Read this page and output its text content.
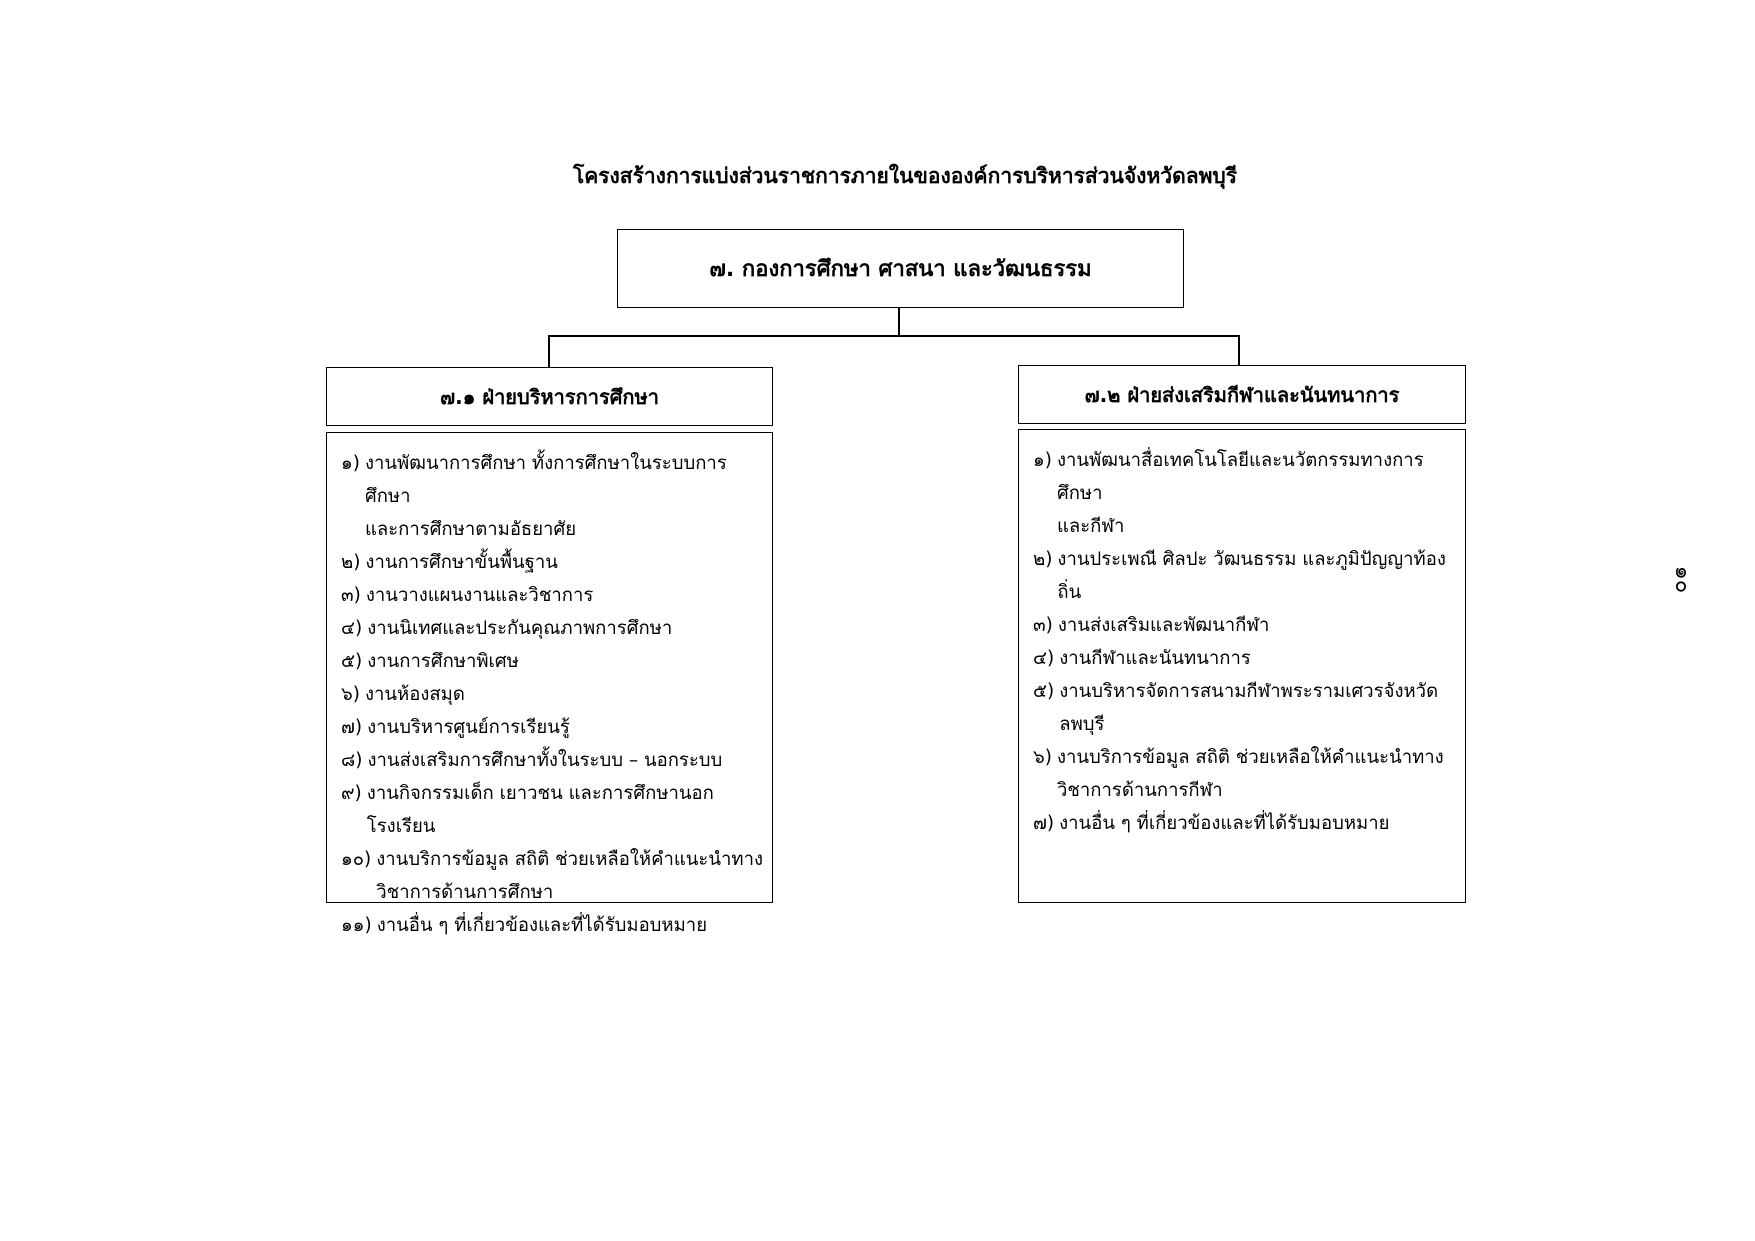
โครงสร้างการแบ่งส่วนราชการภายในขององค์การบริหารส่วนจังหวัดลพบุรี
๗. กองการศึกษา ศาสนา และวัฒนธรรม
๗.๑ ฝ่ายบริหารการศึกษา	๗.๒ ฝ่ายส่งเสริมกีฬาและนันทนาการ
๑) งานพัฒนาการศึกษา ทั้งการศึกษาในระบบการศึกษา
และการศึกษาตามอัธยาศัย
๒) งานการศึกษาขั้นพื้นฐาน
๓) งานวางแผนงานและวิชาการ
๔) งานนิเทศและประกันคุณภาพการศึกษา
๕) งานการศึกษาพิเศษ
๖) งานห้องสมุด
๗) งานบริหารศูนย์การเรียนรู้
๘) งานส่งเสริมการศึกษาทั้งในระบบ – นอกระบบ
๙) งานกิจกรรมเด็ก เยาวชน และการศึกษานอกโรงเรียน
๑๐) งานบริการข้อมูล สถิติ ช่วยเหลือให้คำแนะนำทาง
วิชาการด้านการศึกษา
๑๑) งานอื่น ๆ ที่เกี่ยวข้องและที่ได้รับมอบหมาย
๑) งานพัฒนาสื่อเทคโนโลยีและนวัตกรรมทางการศึกษา
และกีฬา
๒) งานประเพณี ศิลปะ วัฒนธรรม และภูมิปัญญาท้องถิ่น
๓) งานส่งเสริมและพัฒนากีฬา
๔) งานกีฬาและนันทนาการ
๕) งานบริหารจัดการสนามกีฬาพระรามเศวรจังหวัดลพบุรี
๖) งานบริการข้อมูล สถิติ ช่วยเหลือให้คำแนะนำทาง
วิชาการด้านการกีฬา
๗) งานอื่น ๆ ที่เกี่ยวข้องและที่ได้รับมอบหมาย
๑๐
